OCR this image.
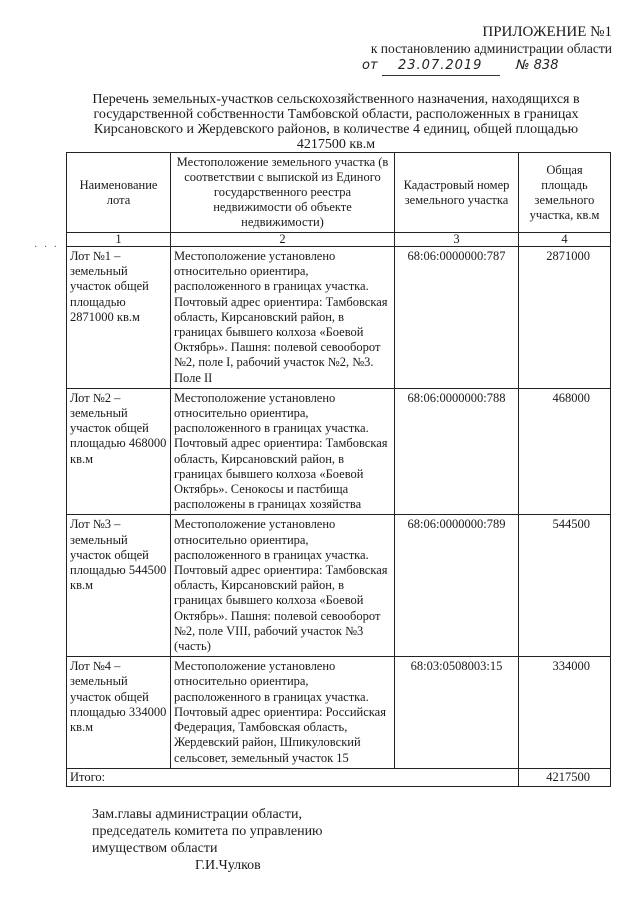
ПРИЛОЖЕНИЕ №1
к постановлению администрации области
от 23.07.2019	№ 838
Перечень земельных-участков сельскохозяйственного назначения, находящихся в государственной собственности Тамбовской области, расположенных в границах Кирсановского и Жердевского районов, в количестве 4 единиц, общей площадью 4217500 кв.м
· · ·
Наименование лота	Местоположение земельного участка (в соответствии с выпиской из Единого государственного реестра недвижимости об объекте недвижимости)	Кадастровый номер земельного участка	Общая площадь земельного участка, кв.м
1	2	3	4
Лот №1 – земельный участок общей площадью 2871000 кв.м	Местоположение установлено относительно ориентира, расположенного в границах участка. Почтовый адрес ориентира: Тамбовская область, Кирсановский район, в границах бывшего колхоза «Боевой Октябрь». Пашня: полевой севооборот №2, поле I, рабочий участок №2, №3. Поле II	68:06:0000000:787	2871000
Лот №2 – земельный участок общей площадью 468000 кв.м	Местоположение установлено относительно ориентира, расположенного в границах участка. Почтовый адрес ориентира: Тамбовская область, Кирсановский район, в границах бывшего колхоза «Боевой Октябрь». Сенокосы и пастбища расположены в границах хозяйства	68:06:0000000:788	468000
Лот №3 – земельный участок общей площадью 544500 кв.м	Местоположение установлено относительно ориентира, расположенного в границах участка. Почтовый адрес ориентира: Тамбовская область, Кирсановский район, в границах бывшего колхоза «Боевой Октябрь». Пашня: полевой севооборот №2, поле VIII, рабочий участок №3 (часть)	68:06:0000000:789	544500
Лот №4 – земельный участок общей площадью 334000 кв.м	Местоположение установлено относительно ориентира, расположенного в границах участка. Почтовый адрес ориентира: Российская Федерация, Тамбовская область, Жердевский район, Шпикуловский сельсовет, земельный участок 15	68:03:0508003:15	334000
Итого:			4217500
Зам.главы администрации области, председатель комитета по управлению имуществом области
Г.И.Чулков
